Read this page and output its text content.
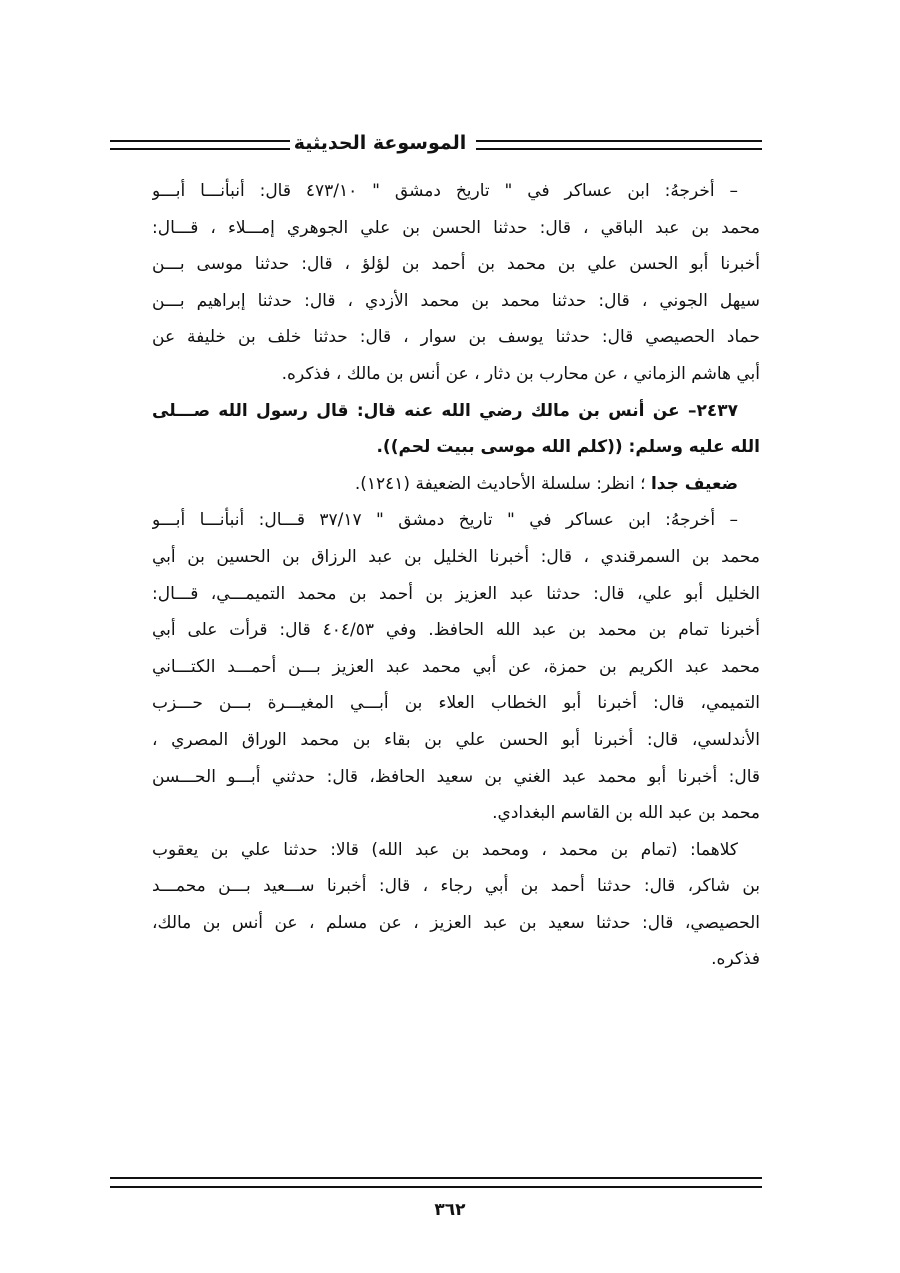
الموسوعة الحديثية
– أخرجهُ: ابن عساكر في " تاريخ دمشق " ٤٧٣/١٠ قال: أنبأنـــا أبـــو
محمد بن عبد الباقي ، قال: حدثنا الحسن بن علي الجوهري إمـــلاء ، قـــال:
أخبرنا أبو الحسن علي بن محمد بن أحمد بن لؤلؤ ، قال: حدثنا موسى بـــن
سيهل الجوني ، قال: حدثنا محمد بن محمد الأزدي ، قال: حدثنا إبراهيم بـــن
حماد الحصيصي قال: حدثنا يوسف بن سوار ، قال: حدثنا خلف بن خليفة عن
أبي هاشم الزماني ، عن محارب بن دثار ، عن أنس بن مالك ، فذكره.
٢٤٣٧– عن أنس بن مالك رضي الله عنه قال: قال رسول الله صـــلى
الله عليه وسلم: ((كلم الله موسى ببيت لحم)).
ضعيف جدا ؛ انظر: سلسلة الأحاديث الضعيفة (١٢٤١).
– أخرجهُ: ابن عساكر في " تاريخ دمشق " ٣٧/١٧ قـــال: أنبأنـــا أبـــو
محمد بن السمرقندي ، قال: أخبرنا الخليل بن عبد الرزاق بن الحسين بن أبي
الخليل أبو علي، قال: حدثنا عبد العزيز بن أحمد بن محمد التميمـــي، قـــال:
أخبرنا تمام بن محمد بن عبد الله الحافظ. وفي ٤٠٤/٥٣ قال: قرأت على أبي
محمد عبد الكريم بن حمزة، عن أبي محمد عبد العزيز بـــن أحمـــد الكتـــاني
التميمي، قال: أخبرنا أبو الخطاب العلاء بن أبـــي المغيـــرة بـــن حـــزب
الأندلسي، قال: أخبرنا أبو الحسن علي بن بقاء بن محمد الوراق المصري ،
قال: أخبرنا أبو محمد عبد الغني بن سعيد الحافظ، قال: حدثني أبـــو الحـــسن
محمد بن عبد الله بن القاسم البغدادي.
كلاهما: (تمام بن محمد ، ومحمد بن عبد الله) قالا: حدثنا علي بن يعقوب
بن شاكر، قال: حدثنا أحمد بن أبي رجاء ، قال: أخبرنا ســـعيد بـــن محمـــد
الحصيصي، قال: حدثنا سعيد بن عبد العزيز ، عن مسلم ، عن أنس بن مالك،
فذكره.
٣٦٢
